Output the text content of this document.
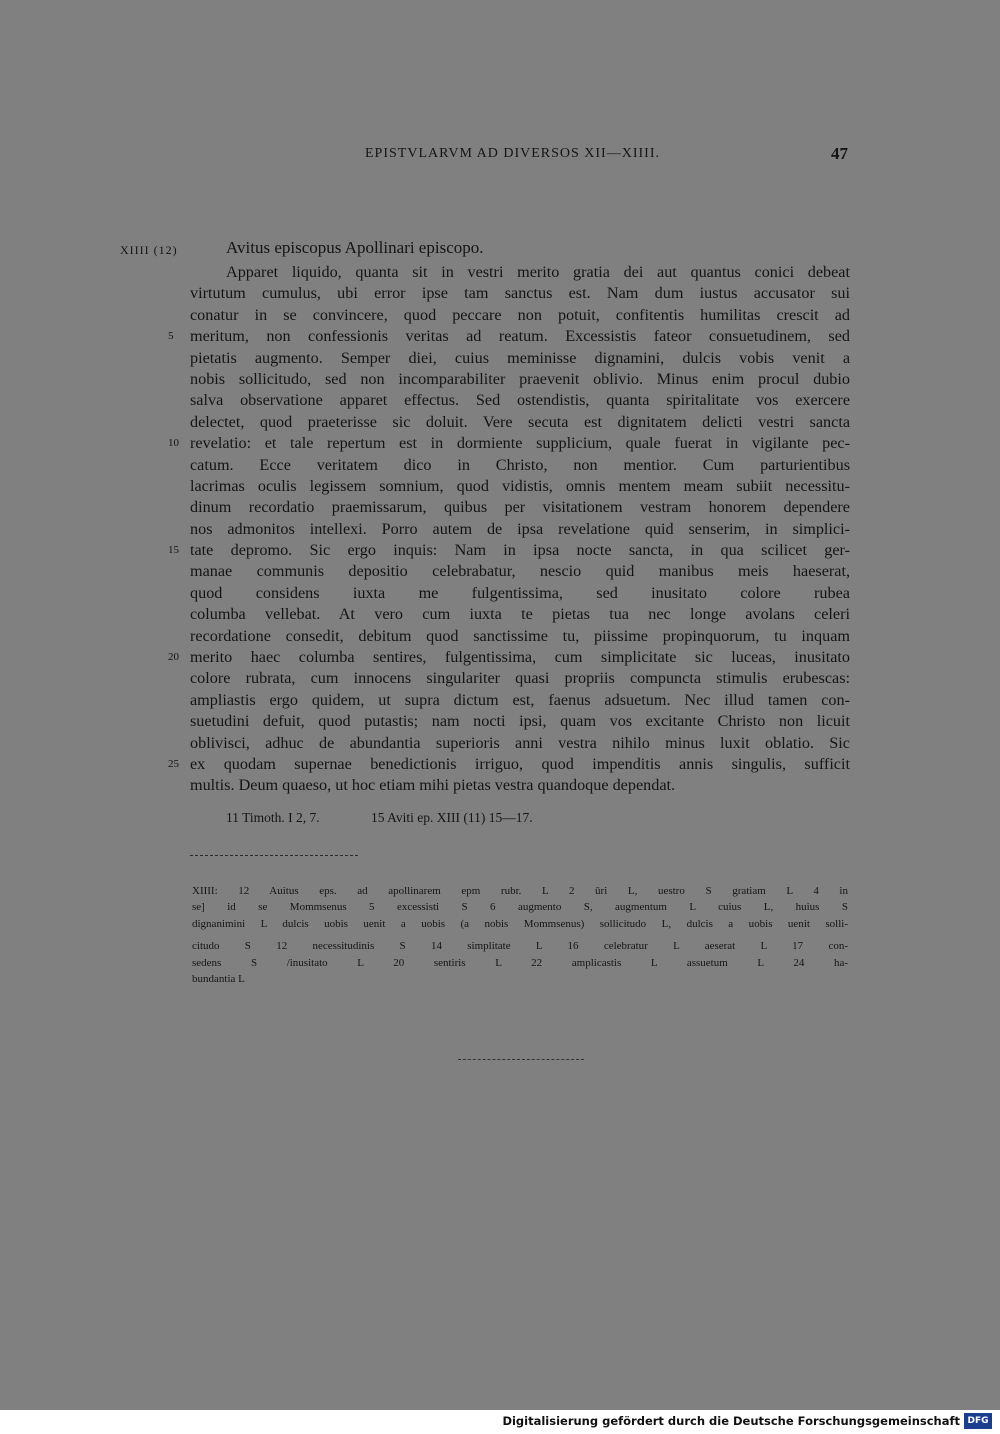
EPISTVLARVM AD DIVERSOS XII—XIIII.	47
XIIII (12)	Avitus episcopus Apollinari episcopo.
5
10
15
20
25
Apparet liquido, quanta sit in vestri merito gratia dei aut quantus conici debeat
virtutum cumulus, ubi error ipse tam sanctus est. Nam dum iustus accusator sui
conatur in se convincere, quod peccare non potuit, confitentis humilitas crescit ad
meritum, non confessionis veritas ad reatum. Excessistis fateor consuetudinem, sed
pietatis augmento. Semper diei, cuius meminisse dignamini, dulcis vobis venit a
nobis sollicitudo, sed non incomparabiliter praevenit oblivio. Minus enim procul dubio
salva observatione apparet effectus. Sed ostendistis, quanta spiritalitate vos exercere
delectet, quod praeterisse sic doluit. Vere secuta est dignitatem delicti vestri sancta
revelatio: et tale repertum est in dormiente supplicium, quale fuerat in vigilante pec-
catum. Ecce veritatem dico in Christo, non mentior. Cum parturientibus
lacrimas oculis legissem somnium, quod vidistis, omnis mentem meam subiit necessitu-
dinum recordatio praemissarum, quibus per visitationem vestram honorem dependere
nos admonitos intellexi. Porro autem de ipsa revelatione quid senserim, in simplici-
tate depromo. Sic ergo inquis: Nam in ipsa nocte sancta, in qua scilicet ger-
manae communis depositio celebrabatur, nescio quid manibus meis haeserat,
quod considens iuxta me fulgentissima, sed inusitato colore rubea
columba vellebat. At vero cum iuxta te pietas tua nec longe avolans celeri
recordatione consedit, debitum quod sanctissime tu, piissime propinquorum, tu inquam
merito haec columba sentires, fulgentissima, cum simplicitate sic luceas, inusitato
colore rubrata, cum innocens singulariter quasi propriis compuncta stimulis erubescas:
ampliastis ergo quidem, ut supra dictum est, faenus adsuetum. Nec illud tamen con-
suetudini defuit, quod putastis; nam nocti ipsi, quam vos excitante Christo non licuit
oblivisci, adhuc de abundantia superioris anni vestra nihilo minus luxit oblatio. Sic
ex quodam supernae benedictionis irriguo, quod impenditis annis singulis, sufficit
multis. Deum quaeso, ut hoc etiam mihi pietas vestra quandoque dependat.
11 Timoth. I 2, 7.	15 Aviti ep. XIII (11) 15—17.
XIIII: 12 Auitus eps. ad apollinarem epm rubr. L 2 ūri L, uestro S gratiam L 4 in
se] id se Mommsenus 5 excessisti S 6 augmento S, augmentum L cuius L, huius S
dignanimini L dulcis uobis uenit a uobis (a nobis Mommsenus) sollicitudo L, dulcis a uobis uenit solli-
citudo S 12 necessitudinis S 14 simplitate L 16 celebratur L aeserat L 17 con-
sedens S /inusitato L 20 sentiris L 22 amplicastis L assuetum L 24 ha-
bundantia L
Digitalisierung gefördert durch die Deutsche Forschungsgemeinschaft DFG
